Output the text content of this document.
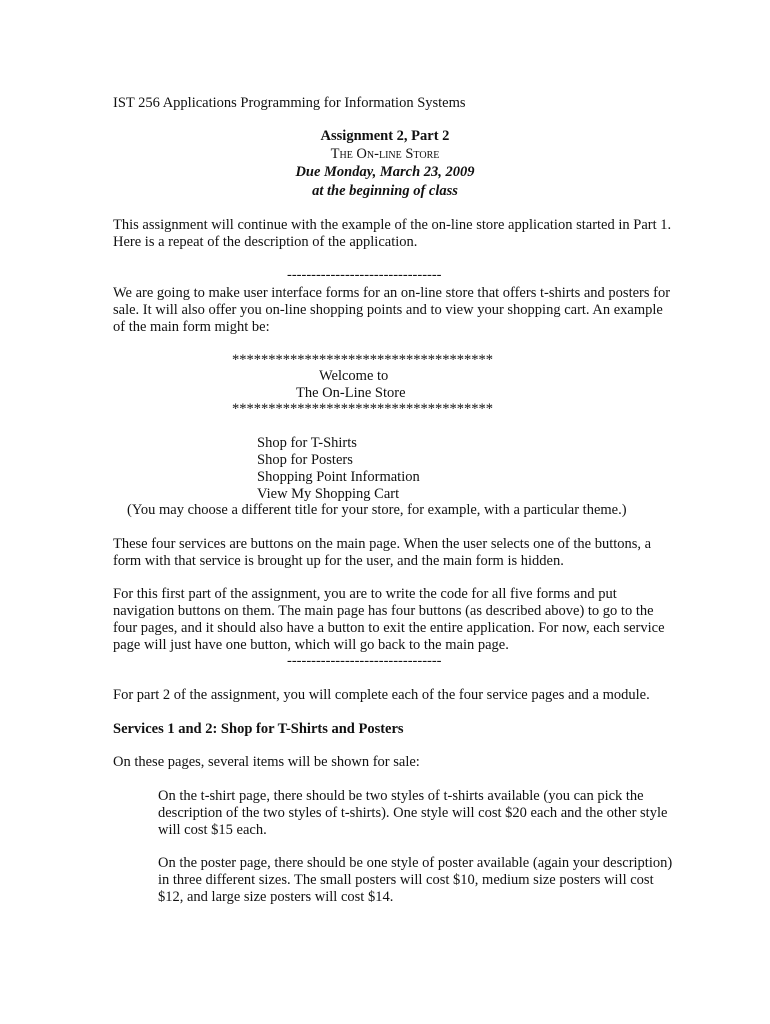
IST 256 Applications Programming for Information Systems
Assignment 2, Part 2
The On-line Store
Due Monday, March 23, 2009
at the beginning of class
This assignment will continue with the example of the on-line store application started in Part 1.
Here is a repeat of the description of the application.
--------------------------------
We are going to make user interface forms for an on-line store that offers t-shirts and posters for
sale. It will also offer you on-line shopping points and to view your shopping cart. An example
of the main form might be:
************************************
Welcome to
The On-Line Store
************************************
Shop for T-Shirts
Shop for Posters
Shopping Point Information
View My Shopping Cart
(You may choose a different title for your store, for example, with a particular theme.)
These four services are buttons on the main page. When the user selects one of the buttons, a
form with that service is brought up for the user, and the main form is hidden.
For this first part of the assignment, you are to write the code for all five forms and put
navigation buttons on them. The main page has four buttons (as described above) to go to the
four pages, and it should also have a button to exit the entire application. For now, each service
page will just have one button, which will go back to the main page.
--------------------------------
For part 2 of the assignment, you will complete each of the four service pages and a module.
Services 1 and 2: Shop for T-Shirts and Posters
On these pages, several items will be shown for sale:
On the t-shirt page, there should be two styles of t-shirts available (you can pick the
description of the two styles of t-shirts). One style will cost $20 each and the other style
will cost $15 each.
On the poster page, there should be one style of poster available (again your description)
in three different sizes. The small posters will cost $10, medium size posters will cost
$12, and large size posters will cost $14.
